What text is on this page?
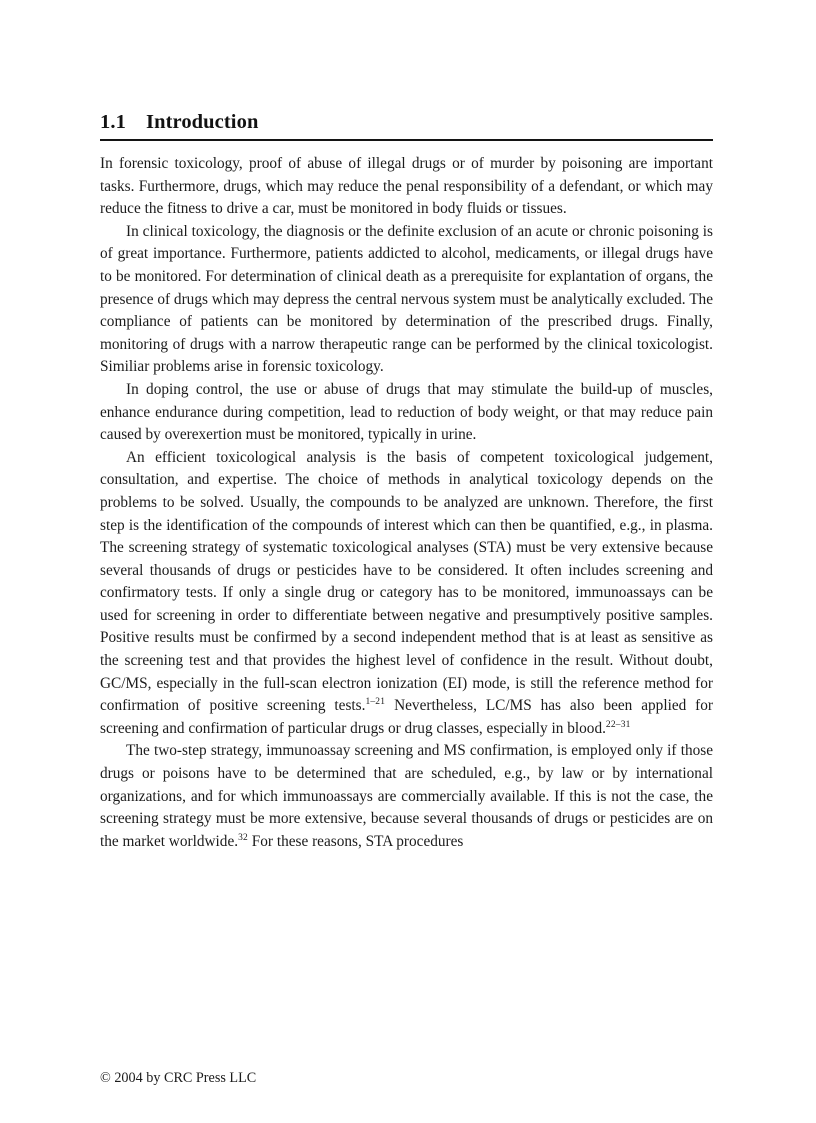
1.1 Introduction

In forensic toxicology, proof of abuse of illegal drugs or of murder by poisoning are important tasks. Furthermore, drugs, which may reduce the penal responsibility of a defendant, or which may reduce the fitness to drive a car, must be monitored in body fluids or tissues.

In clinical toxicology, the diagnosis or the definite exclusion of an acute or chronic poisoning is of great importance. Furthermore, patients addicted to alcohol, medicaments, or illegal drugs have to be monitored. For determination of clinical death as a prerequisite for explantation of organs, the presence of drugs which may depress the central nervous system must be analytically excluded. The compliance of patients can be monitored by determination of the prescribed drugs. Finally, monitoring of drugs with a narrow therapeutic range can be performed by the clinical toxicologist. Similiar problems arise in forensic toxicology.

In doping control, the use or abuse of drugs that may stimulate the build-up of muscles, enhance endurance during competition, lead to reduction of body weight, or that may reduce pain caused by overexertion must be monitored, typically in urine.

An efficient toxicological analysis is the basis of competent toxicological judgement, consultation, and expertise. The choice of methods in analytical toxicology depends on the problems to be solved. Usually, the compounds to be analyzed are unknown. Therefore, the first step is the identification of the compounds of interest which can then be quantified, e.g., in plasma. The screening strategy of systematic toxicological analyses (STA) must be very extensive because several thousands of drugs or pesticides have to be considered. It often includes screening and confirmatory tests. If only a single drug or category has to be monitored, immunoassays can be used for screening in order to differentiate between negative and presumptively positive samples. Positive results must be confirmed by a second independent method that is at least as sensitive as the screening test and that provides the highest level of confidence in the result. Without doubt, GC/MS, especially in the full-scan electron ionization (EI) mode, is still the reference method for confirmation of positive screening tests.$^{1-21}$ Nevertheless, LC/MS has also been applied for screening and confirmation of particular drugs or drug classes, especially in blood.$^{22-31}$

The two-step strategy, immunoassay screening and MS confirmation, is employed only if those drugs or poisons have to be determined that are scheduled, e.g., by law or by international organizations, and for which immunoassays are commercially available. If this is not the case, the screening strategy must be more extensive, because several thousands of drugs or pesticides are on the market worldwide.$^{32}$ For these reasons, STA procedures

© 2004 by CRC Press LLC
